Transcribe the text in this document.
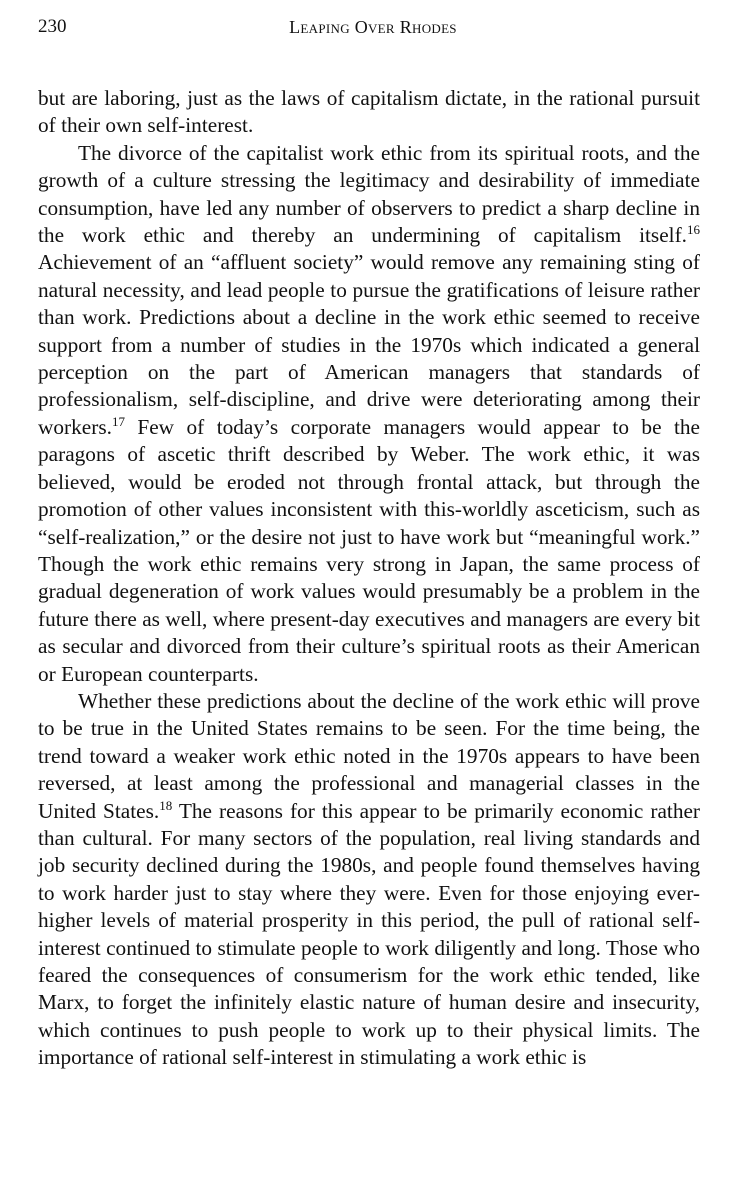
230	Leaping Over Rhodes

but are laboring, just as the laws of capitalism dictate, in the rational pursuit of their own self-interest.

The divorce of the capitalist work ethic from its spiritual roots, and the growth of a culture stressing the legitimacy and desirability of immediate consumption, have led any number of observers to predict a sharp decline in the work ethic and thereby an undermining of capitalism itself.$^{16}$ Achievement of an “affluent society” would remove any remaining sting of natural necessity, and lead people to pursue the gratifications of leisure rather than work. Predictions about a decline in the work ethic seemed to receive support from a number of studies in the 1970s which indicated a general perception on the part of American managers that standards of professionalism, self-discipline, and drive were deteriorating among their workers.$^{17}$ Few of today’s corporate managers would appear to be the paragons of ascetic thrift described by Weber. The work ethic, it was believed, would be eroded not through frontal attack, but through the promotion of other values inconsistent with this-worldly asceticism, such as “self-realization,” or the desire not just to have work but “meaningful work.” Though the work ethic remains very strong in Japan, the same process of gradual degeneration of work values would presumably be a problem in the future there as well, where present-day executives and managers are every bit as secular and divorced from their culture’s spiritual roots as their American or European counterparts.

Whether these predictions about the decline of the work ethic will prove to be true in the United States remains to be seen. For the time being, the trend toward a weaker work ethic noted in the 1970s appears to have been reversed, at least among the professional and managerial classes in the United States.$^{18}$ The reasons for this appear to be primarily economic rather than cultural. For many sectors of the population, real living standards and job security declined during the 1980s, and people found themselves having to work harder just to stay where they were. Even for those enjoying ever-higher levels of material prosperity in this period, the pull of rational self-interest continued to stimulate people to work diligently and long. Those who feared the consequences of consumerism for the work ethic tended, like Marx, to forget the infinitely elastic nature of human desire and insecurity, which continues to push people to work up to their physical limits. The importance of rational self-interest in stimulating a work ethic is
